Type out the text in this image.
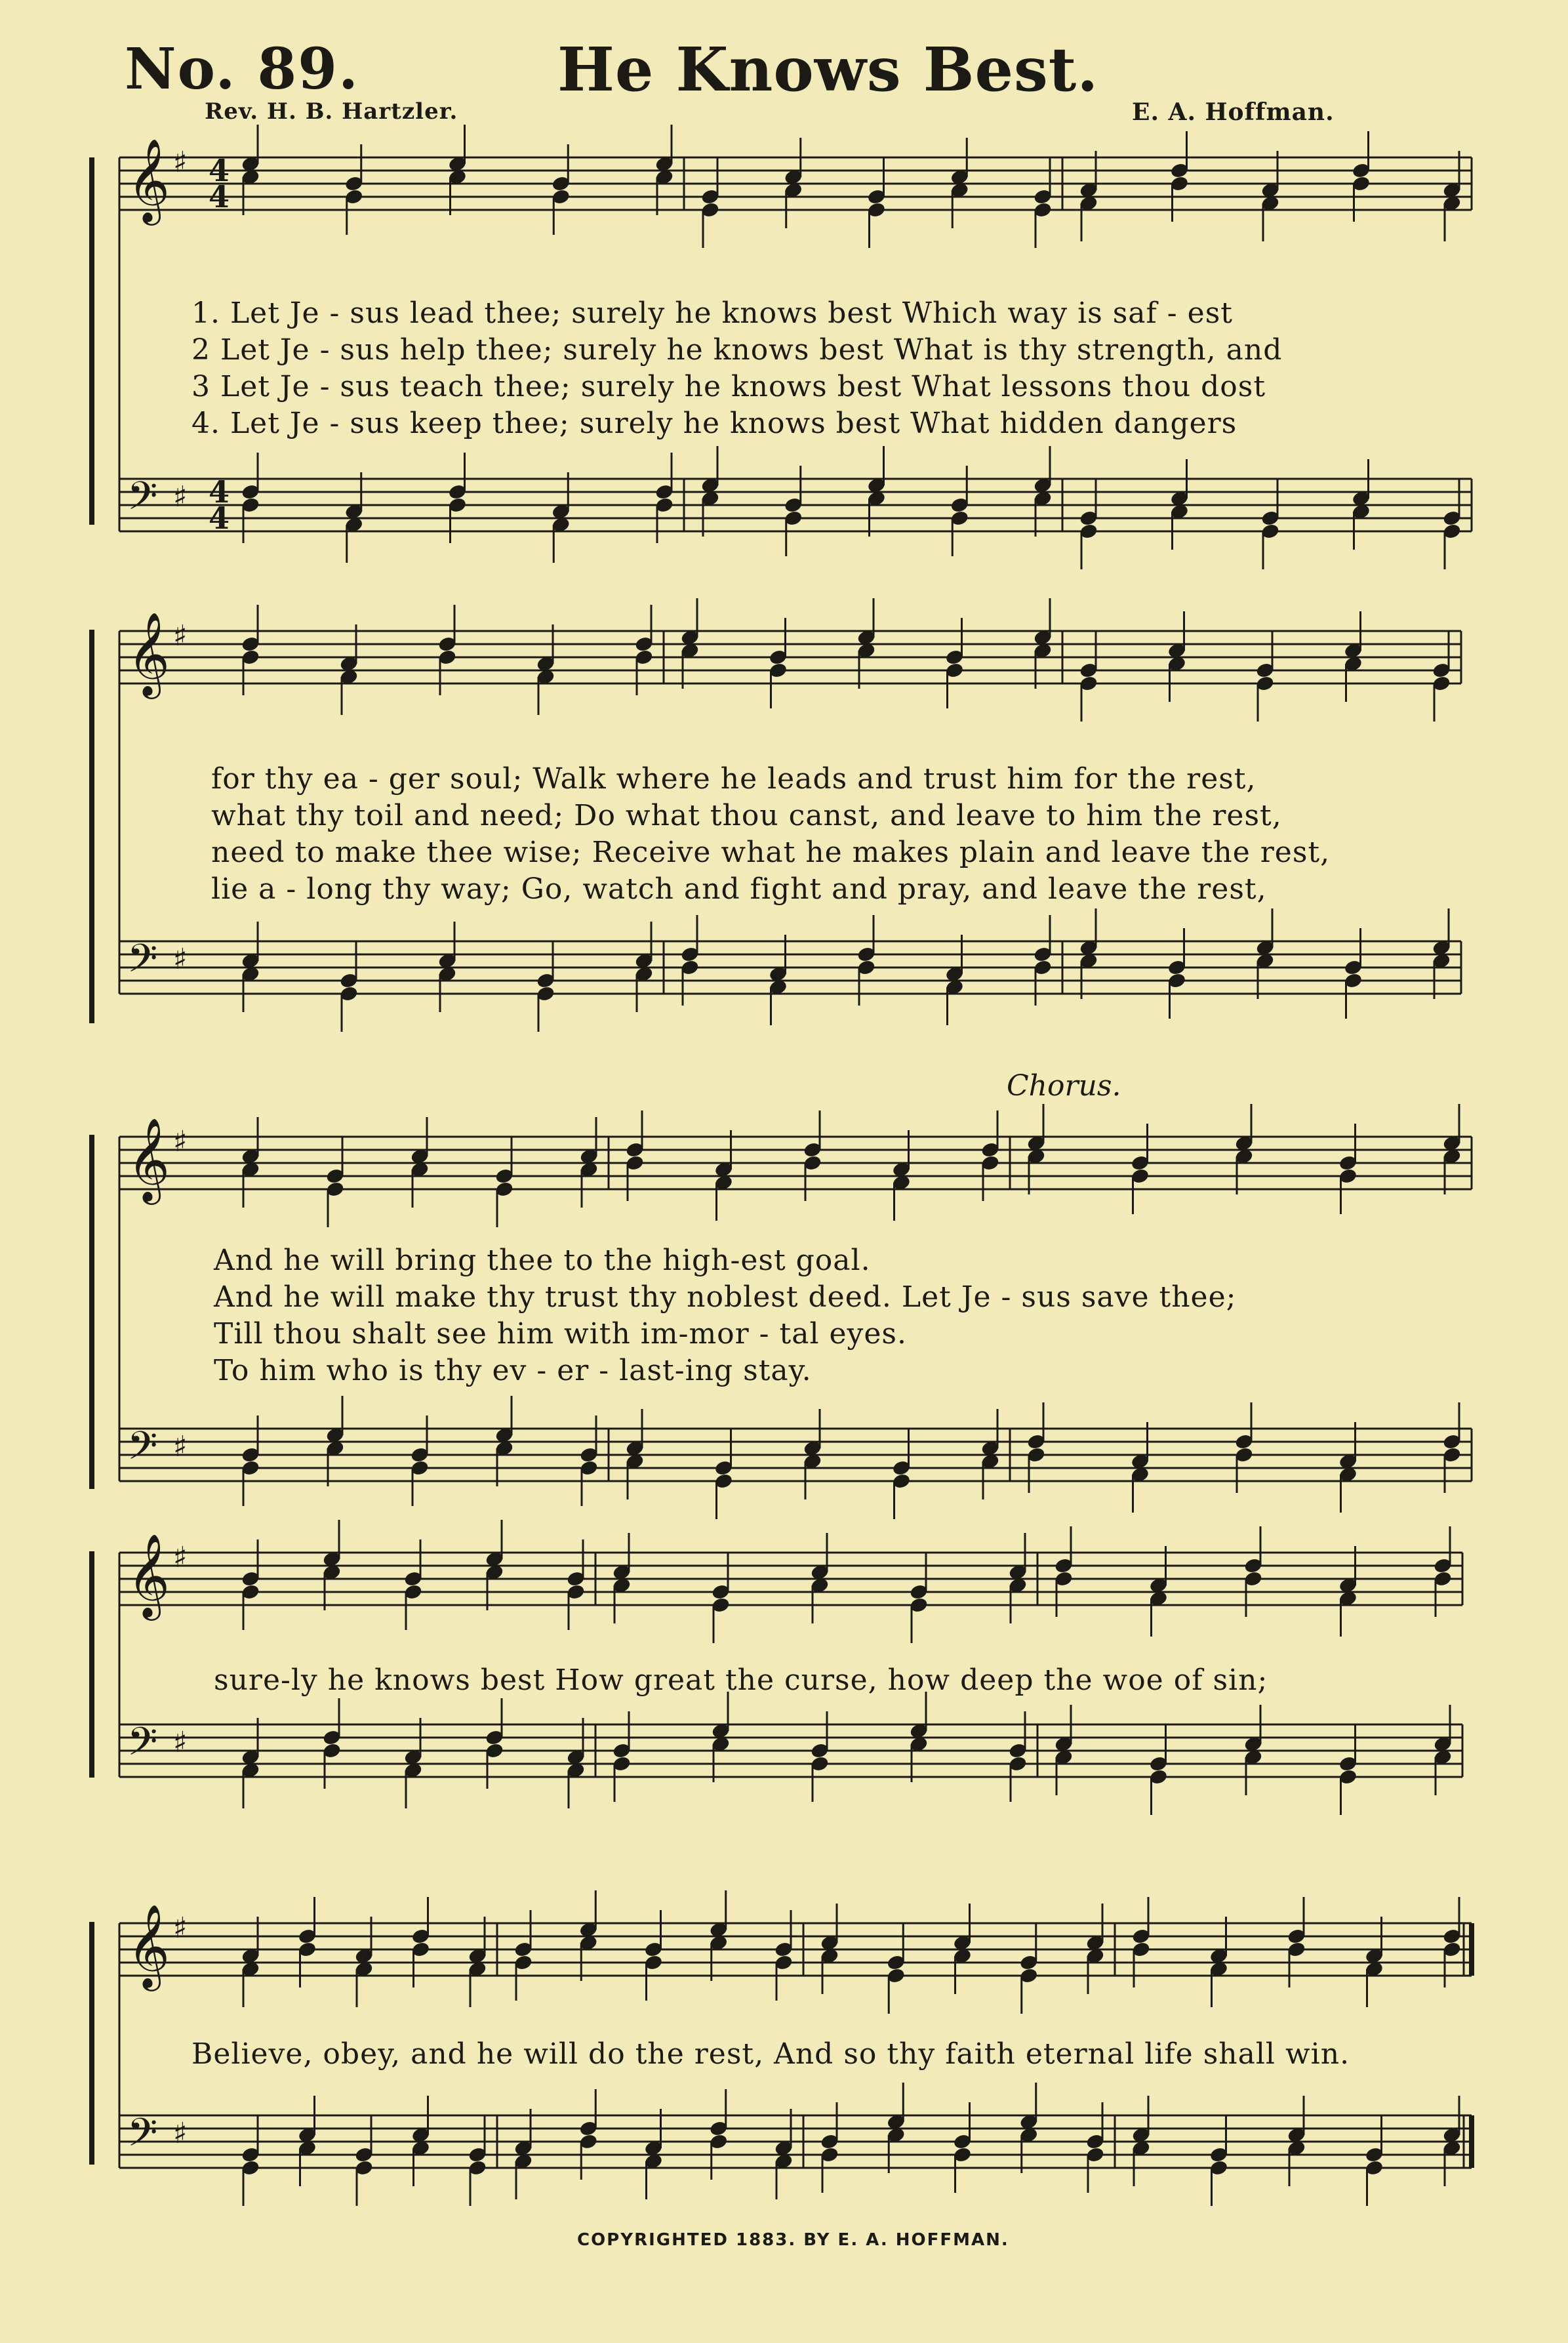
No. 89.	He Knows Best.
Rev. H. B. Hartzler.	E. A. Hoffman.
𝄞 ♯
𝄢 ♯
𝄞 ♯
𝄢 ♯
𝄞 ♯
𝄢 ♯
𝄞 ♯
𝄢 ♯
𝄞 ♯
𝄢 ♯
4
4
4
4
1. Let Je - sus lead thee; surely he knows best Which way is saf - est
2 Let Je - sus help thee; surely he knows best What is thy strength, and
3 Let Je - sus teach thee; surely he knows best What lessons thou dost
4. Let Je - sus keep thee; surely he knows best What hidden dangers
for thy ea - ger soul; Walk where he leads and trust him for the rest,
what thy toil and need; Do what thou canst, and leave to him the rest,
need to make thee wise; Receive what he makes plain and leave the rest,
lie a - long thy way; Go, watch and fight and pray, and leave the rest,
Chorus.
And he will bring thee to the high-est goal.
And he will make thy trust thy noblest deed. Let Je - sus save thee;
Till thou shalt see him with im-mor - tal eyes.
To him who is thy ev - er - last-ing stay.
sure-ly he knows best How great the curse, how deep the woe of sin;
Believe, obey, and he will do the rest, And so thy faith eternal life shall win.
COPYRIGHTED 1883. BY E. A. HOFFMAN.
